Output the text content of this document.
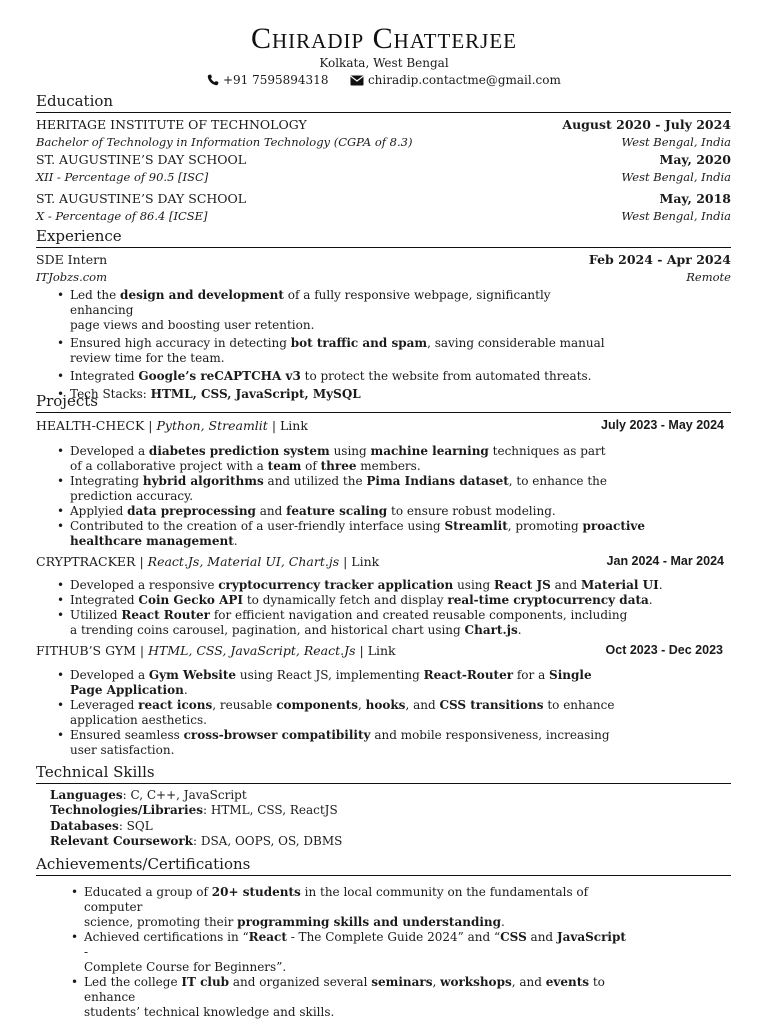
Chiradip Chatterjee
Kolkata, West Bengal
+91 7595894318	chiradip.contactme@gmail.com
Education
HERITAGE INSTITUTE OF TECHNOLOGY	August 2020 - July 2024
Bachelor of Technology in Information Technology (CGPA of 8.3)	West Bengal, India
ST. AUGUSTINE’S DAY SCHOOL	May, 2020
XII - Percentage of 90.5 [ISC]	West Bengal, India
ST. AUGUSTINE’S DAY SCHOOL	May, 2018
X - Percentage of 86.4 [ICSE]	West Bengal, India
Experience
SDE Intern	Feb 2024 - Apr 2024
ITJobzs.com	Remote
• Led the design and development of a fully responsive webpage, significantly enhancing
page views and boosting user retention.
• Ensured high accuracy in detecting bot traffic and spam, saving considerable manual
review time for the team.
• Integrated Google’s reCAPTCHA v3 to protect the website from automated threats.
• Tech Stacks: HTML, CSS, JavaScript, MySQL
Projects
HEALTH-CHECK | Python, Streamlit | Link	July 2023 - May 2024
• Developed a diabetes prediction system using machine learning techniques as part
of a collaborative project with a team of three members.
• Integrating hybrid algorithms and utilized the Pima Indians dataset, to enhance the
prediction accuracy.
• Applyied data preprocessing and feature scaling to ensure robust modeling.
• Contributed to the creation of a user-friendly interface using Streamlit, promoting proactive
healthcare management.
CRYPTRACKER | React.Js, Material UI, Chart.js | Link	Jan 2024 - Mar 2024
• Developed a responsive cryptocurrency tracker application using React JS and Material UI.
• Integrated Coin Gecko API to dynamically fetch and display real-time cryptocurrency data.
• Utilized React Router for efficient navigation and created reusable components, including
a trending coins carousel, pagination, and historical chart using Chart.js.
FITHUB’S GYM | HTML, CSS, JavaScript, React.Js | Link	Oct 2023 - Dec 2023
• Developed a Gym Website using React JS, implementing React-Router for a Single
Page Application.
• Leveraged react icons, reusable components, hooks, and CSS transitions to enhance
application aesthetics.
• Ensured seamless cross-browser compatibility and mobile responsiveness, increasing
user satisfaction.
Technical Skills
Languages: C, C++, JavaScript
Technologies/Libraries: HTML, CSS, ReactJS
Databases: SQL
Relevant Coursework: DSA, OOPS, OS, DBMS
Achievements/Certifications
• Educated a group of 20+ students in the local community on the fundamentals of computer
science, promoting their programming skills and understanding.
• Achieved certifications in “React - The Complete Guide 2024” and “CSS and JavaScript -
Complete Course for Beginners”.
• Led the college IT club and organized several seminars, workshops, and events to enhance
students’ technical knowledge and skills.
